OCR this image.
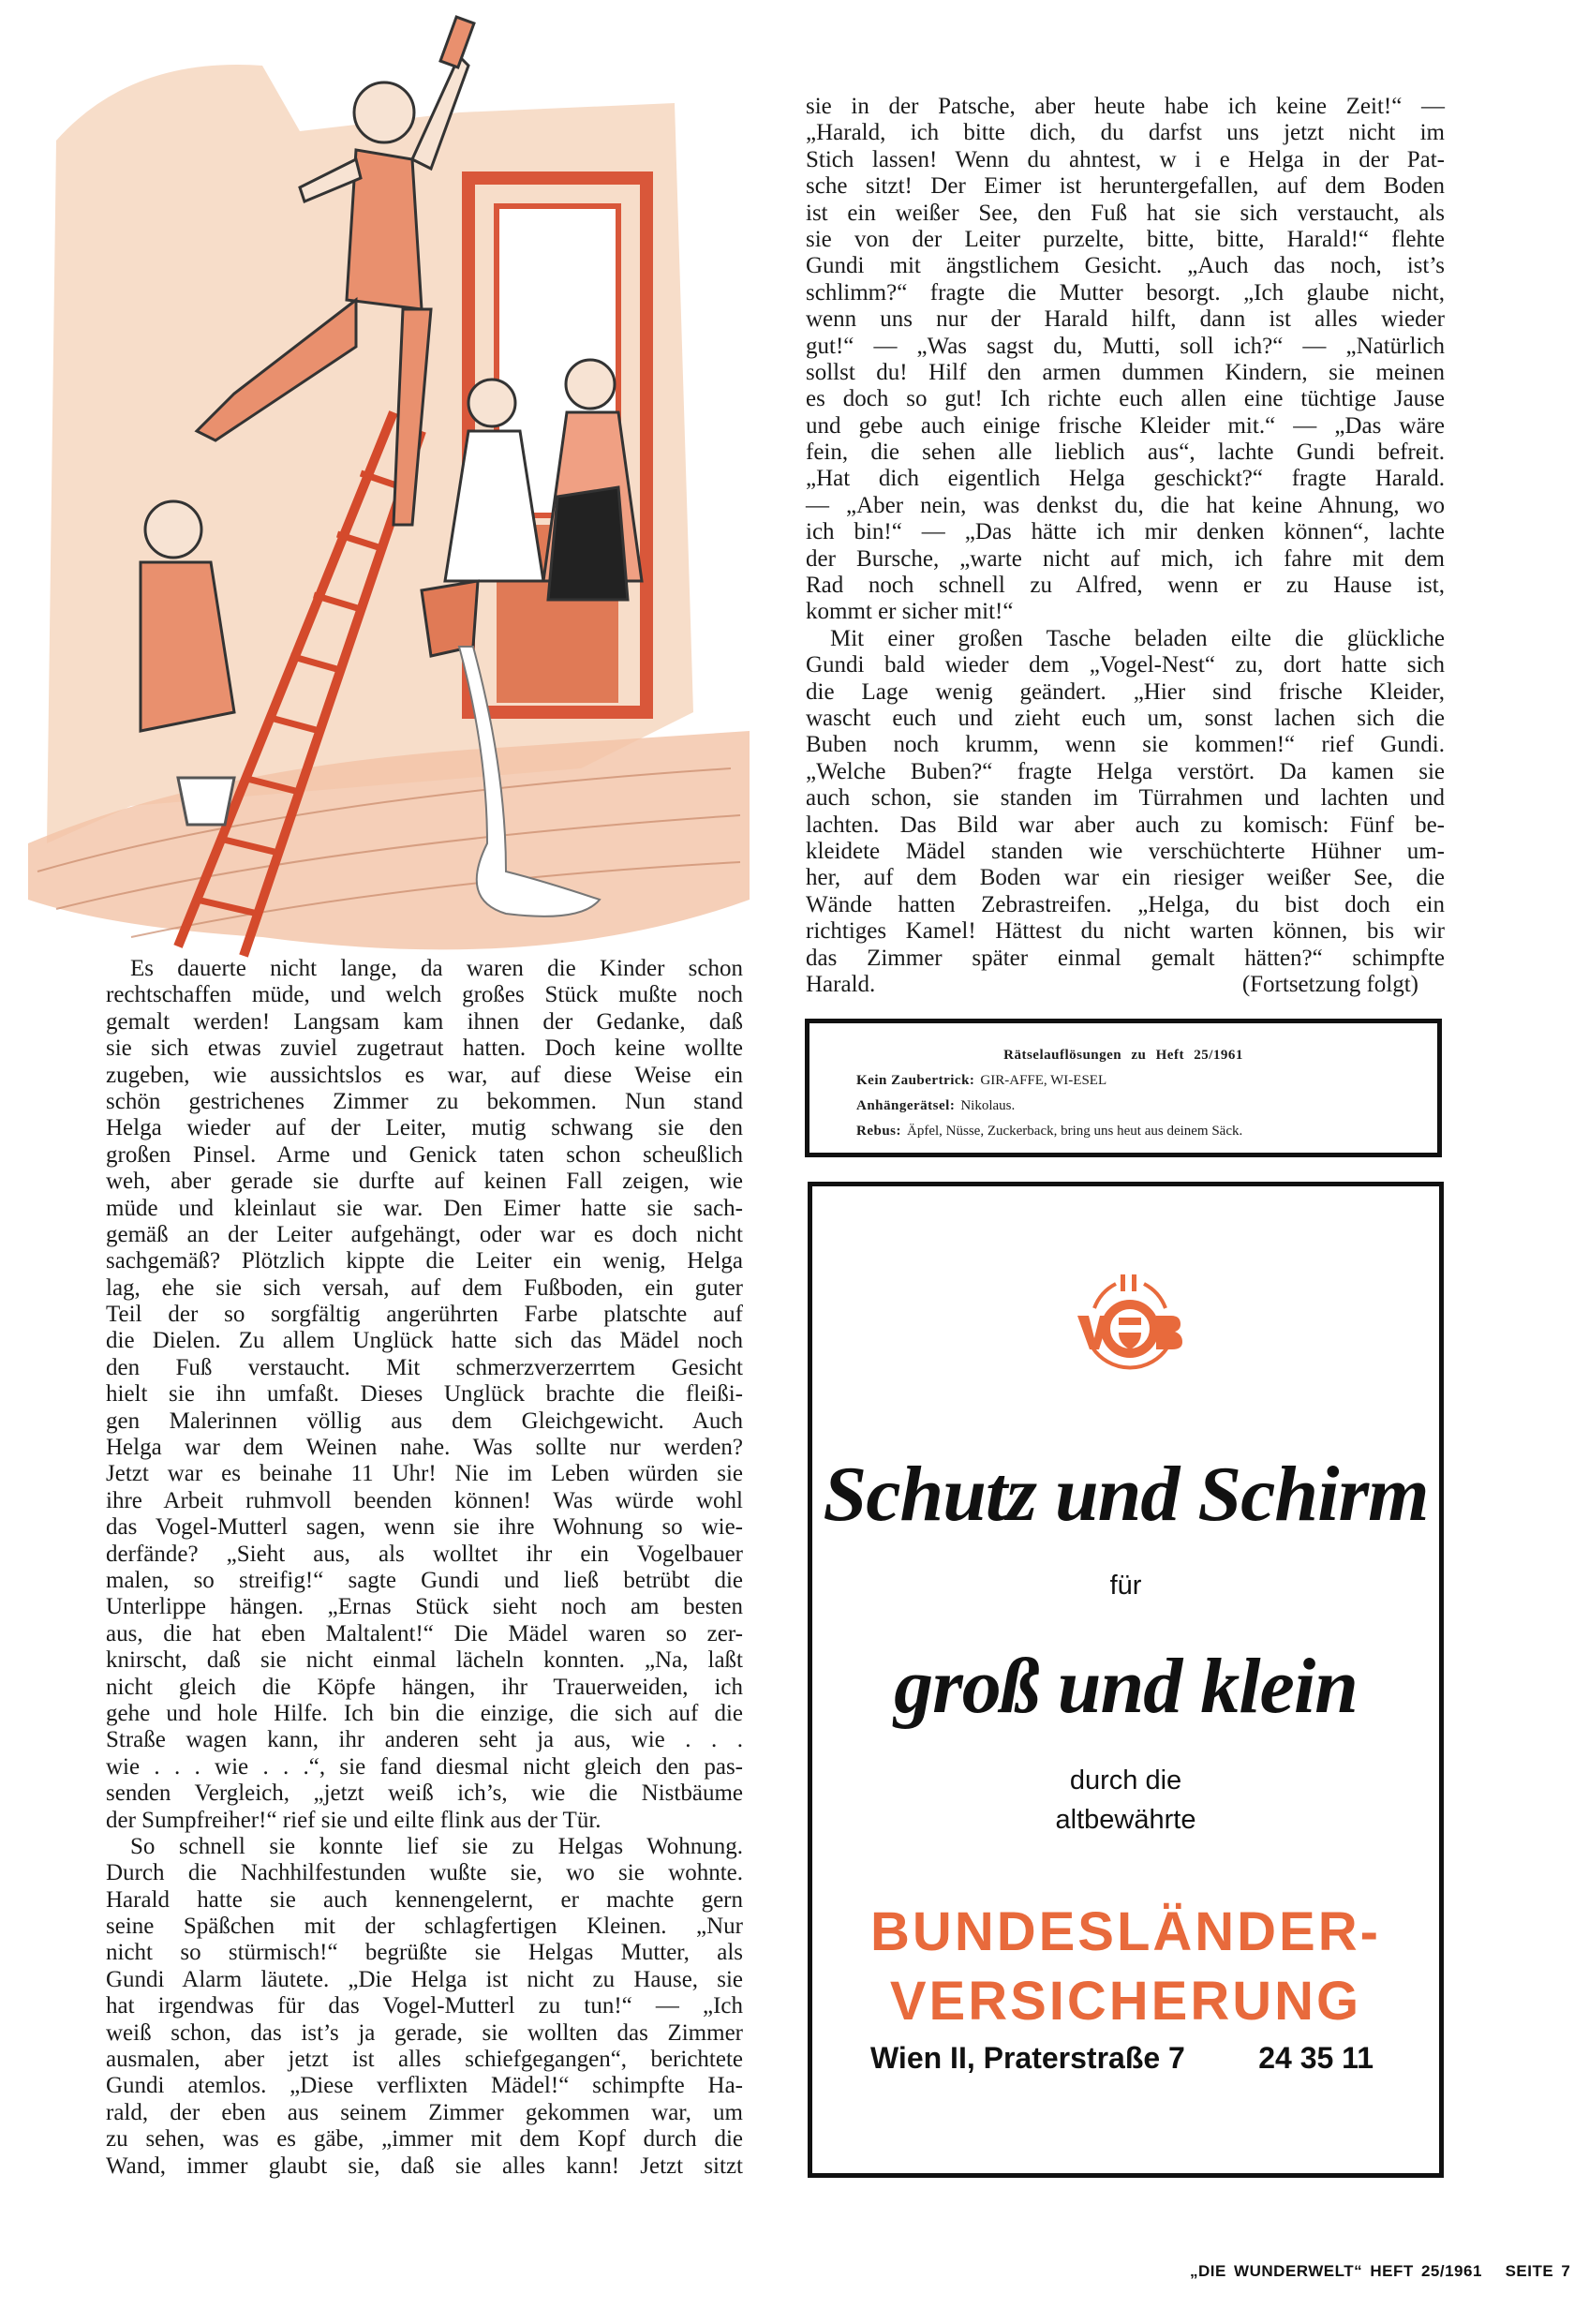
Es dauerte nicht lange, da waren die Kinder schon
rechtschaffen müde, und welch großes Stück mußte noch
gemalt werden! Langsam kam ihnen der Gedanke, daß
sie sich etwas zuviel zugetraut hatten. Doch keine wollte
zugeben, wie aussichtslos es war, auf diese Weise ein
schön gestrichenes Zimmer zu bekommen. Nun stand
Helga wieder auf der Leiter, mutig schwang sie den
großen Pinsel. Arme und Genick taten schon scheußlich
weh, aber gerade sie durfte auf keinen Fall zeigen, wie
müde und kleinlaut sie war. Den Eimer hatte sie sach-
gemäß an der Leiter aufgehängt, oder war es doch nicht
sachgemäß? Plötzlich kippte die Leiter ein wenig, Helga
lag, ehe sie sich versah, auf dem Fußboden, ein guter
Teil der so sorgfältig angerührten Farbe platschte auf
die Dielen. Zu allem Unglück hatte sich das Mädel noch
den Fuß verstaucht. Mit schmerzverzerrtem Gesicht
hielt sie ihn umfaßt. Dieses Unglück brachte die fleißi-
gen Malerinnen völlig aus dem Gleichgewicht. Auch
Helga war dem Weinen nahe. Was sollte nur werden?
Jetzt war es beinahe 11 Uhr! Nie im Leben würden sie
ihre Arbeit ruhmvoll beenden können! Was würde wohl
das Vogel-Mutterl sagen, wenn sie ihre Wohnung so wie-
derfände? „Sieht aus, als wolltet ihr ein Vogelbauer
malen, so streifig!“ sagte Gundi und ließ betrübt die
Unterlippe hängen. „Ernas Stück sieht noch am besten
aus, die hat eben Maltalent!“ Die Mädel waren so zer-
knirscht, daß sie nicht einmal lächeln konnten. „Na, laßt
nicht gleich die Köpfe hängen, ihr Trauerweiden, ich
gehe und hole Hilfe. Ich bin die einzige, die sich auf die
Straße wagen kann, ihr anderen seht ja aus, wie . . .
wie . . . wie . . .“, sie fand diesmal nicht gleich den pas-
senden Vergleich, „jetzt weiß ich’s, wie die Nistbäume
der Sumpfreiher!“ rief sie und eilte flink aus der Tür.
So schnell sie konnte lief sie zu Helgas Wohnung.
Durch die Nachhilfestunden wußte sie, wo sie wohnte.
Harald hatte sie auch kennengelernt, er machte gern
seine Späßchen mit der schlagfertigen Kleinen. „Nur
nicht so stürmisch!“ begrüßte sie Helgas Mutter, als
Gundi Alarm läutete. „Die Helga ist nicht zu Hause, sie
hat irgendwas für das Vogel-Mutterl zu tun!“ — „Ich
weiß schon, das ist’s ja gerade, sie wollten das Zimmer
ausmalen, aber jetzt ist alles schiefgegangen“, berichtete
Gundi atemlos. „Diese verflixten Mädel!“ schimpfte Ha-
rald, der eben aus seinem Zimmer gekommen war, um
zu sehen, was es gäbe, „immer mit dem Kopf durch die
Wand, immer glaubt sie, daß sie alles kann! Jetzt sitzt
sie in der Patsche, aber heute habe ich keine Zeit!“ —
„Harald, ich bitte dich, du darfst uns jetzt nicht im
Stich lassen! Wenn du ahntest, w i e Helga in der Pat-
sche sitzt! Der Eimer ist heruntergefallen, auf dem Boden
ist ein weißer See, den Fuß hat sie sich verstaucht, als
sie von der Leiter purzelte, bitte, bitte, Harald!“ flehte
Gundi mit ängstlichem Gesicht. „Auch das noch, ist’s
schlimm?“ fragte die Mutter besorgt. „Ich glaube nicht,
wenn uns nur der Harald hilft, dann ist alles wieder
gut!“ — „Was sagst du, Mutti, soll ich?“ — „Natürlich
sollst du! Hilf den armen dummen Kindern, sie meinen
es doch so gut! Ich richte euch allen eine tüchtige Jause
und gebe auch einige frische Kleider mit.“ — „Das wäre
fein, die sehen alle lieblich aus“, lachte Gundi befreit.
„Hat dich eigentlich Helga geschickt?“ fragte Harald.
— „Aber nein, was denkst du, die hat keine Ahnung, wo
ich bin!“ — „Das hätte ich mir denken können“, lachte
der Bursche, „warte nicht auf mich, ich fahre mit dem
Rad noch schnell zu Alfred, wenn er zu Hause ist,
kommt er sicher mit!“
Mit einer großen Tasche beladen eilte die glückliche
Gundi bald wieder dem „Vogel-Nest“ zu, dort hatte sich
die Lage wenig geändert. „Hier sind frische Kleider,
wascht euch und zieht euch um, sonst lachen sich die
Buben noch krumm, wenn sie kommen!“ rief Gundi.
„Welche Buben?“ fragte Helga verstört. Da kamen sie
auch schon, sie standen im Türrahmen und lachten und
lachten. Das Bild war aber auch zu komisch: Fünf be-
kleidete Mädel standen wie verschüchterte Hühner um-
her, auf dem Boden war ein riesiger weißer See, die
Wände hatten Zebrastreifen. „Helga, du bist doch ein
richtiges Kamel! Hättest du nicht warten können, bis wir
das Zimmer später einmal gemalt hätten?“ schimpfte
Harald.	(Fortsetzung folgt)
Rätselauflösungen zu Heft 25/1961
Kein Zaubertrick: GIR-AFFE, WI-ESEL
Anhängerätsel: Nikolaus.
Rebus: Äpfel, Nüsse, Zuckerback, bring uns heut aus deinem Säck.
Schutz und Schirm
für
groß und klein
durch die
altbewährte
BUNDESLÄNDER-
VERSICHERUNG
Wien II, Praterstraße 7 24 35 11
„DIE WUNDERWELT“ HEFT 25/1961   SEITE 7
